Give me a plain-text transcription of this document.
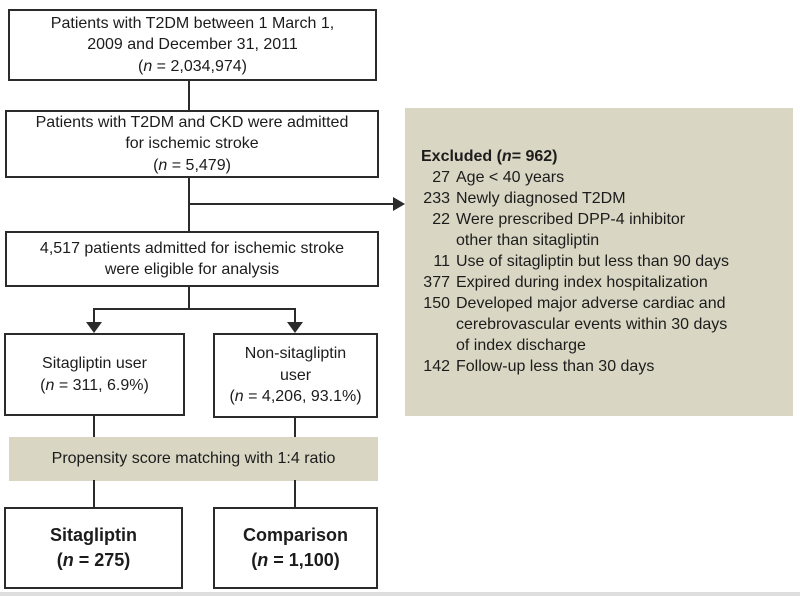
Patients with T2DM between 1 March 1,
2009 and December 31, 2011
(n = 2,034,974)
Patients with T2DM and CKD were admitted
for ischemic stroke
(n = 5,479)
4,517 patients admitted for ischemic stroke
were eligible for analysis
Sitagliptin user
(n = 311, 6.9%)
Non-sitagliptin
user
(n = 4,206, 93.1%)
Propensity score matching with 1:4 ratio
Sitagliptin
(n = 275)
Comparison
(n = 1,100)
Excluded (n= 962)
27 Age < 40 years
233 Newly diagnosed T2DM
22 Were prescribed DPP-4 inhibitor
other than sitagliptin
11 Use of sitagliptin but less than 90 days
377 Expired during index hospitalization
150 Developed major adverse cardiac and
cerebrovascular events within 30 days
of index discharge
142 Follow-up less than 30 days
